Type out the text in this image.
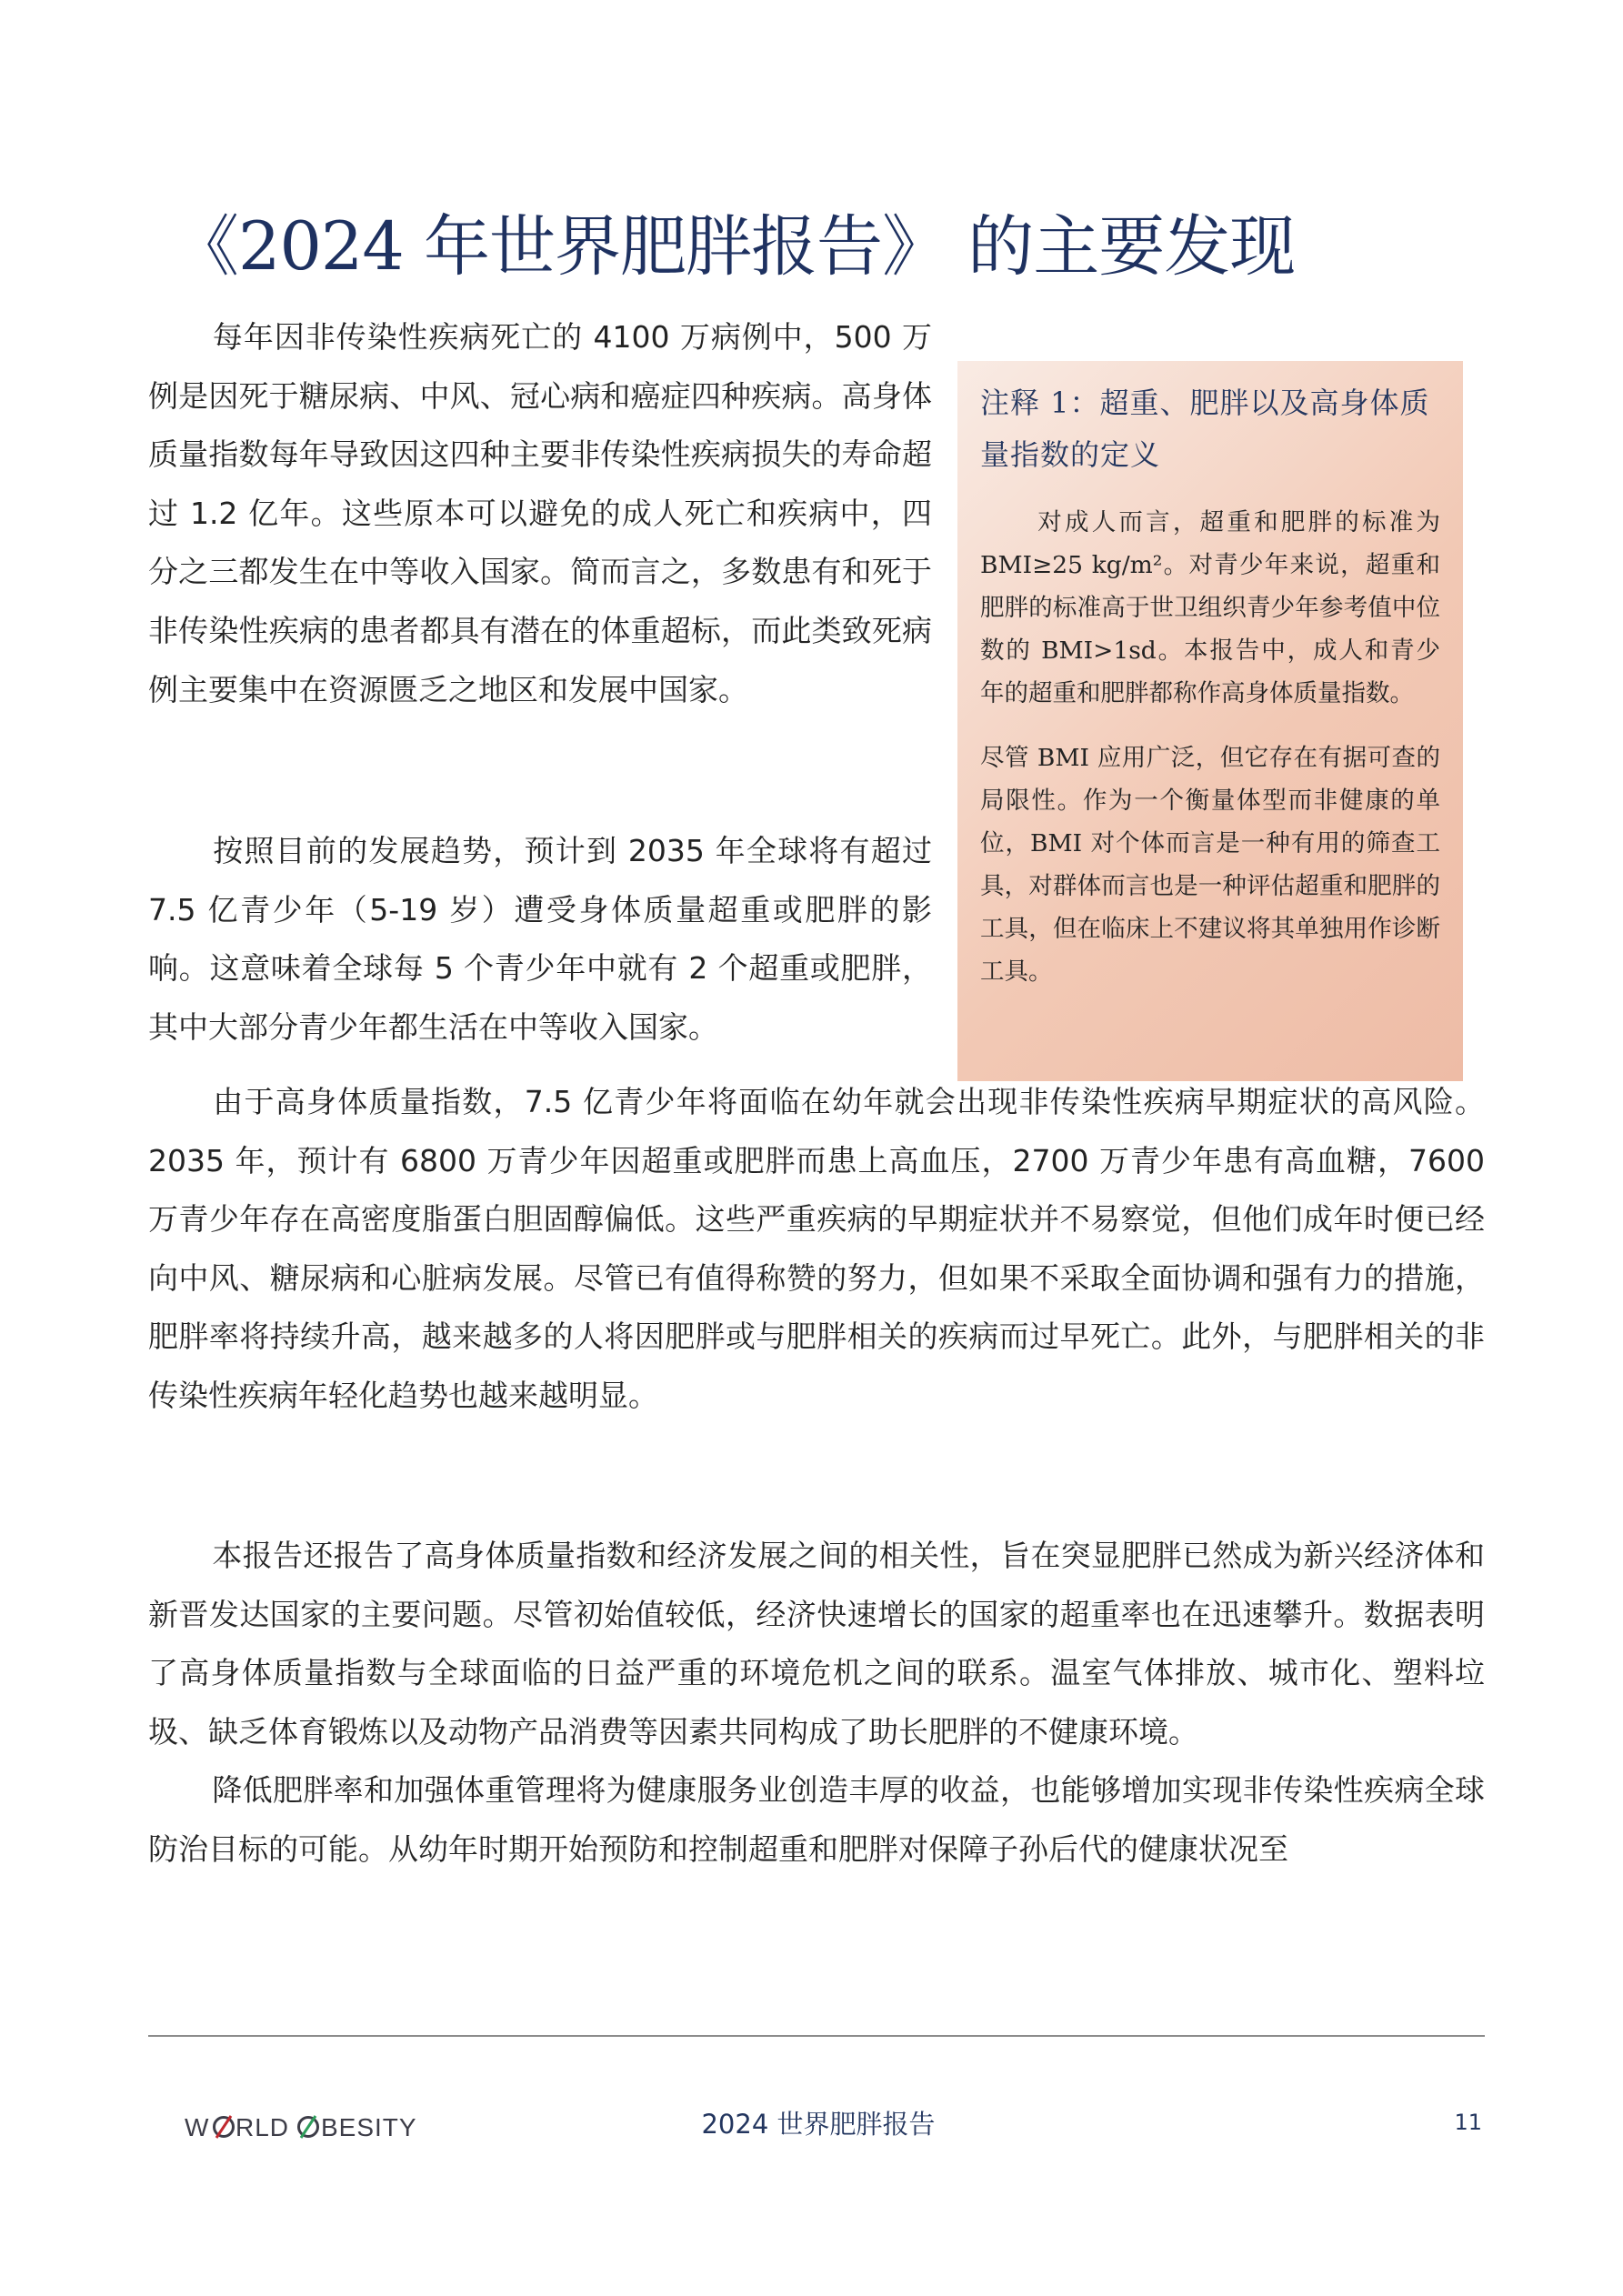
《2024 年世界肥胖报告》 的主要发现

每年因非传染性疾病死亡的 4100 万病例中，500 万例是因死于糖尿病、中风、冠心病和癌症四种疾病。高身体质量指数每年导致因这四种主要非传染性疾病损失的寿命超过 1.2 亿年。这些原本可以避免的成人死亡和疾病中，四分之三都发生在中等收入国家。简而言之，多数患有和死于非传染性疾病的患者都具有潜在的体重超标，而此类致死病例主要集中在资源匮乏之地区和发展中国家。

按照目前的发展趋势，预计到 2035 年全球将有超过 7.5 亿青少年（5-19 岁）遭受身体质量超重或肥胖的影响。这意味着全球每 5 个青少年中就有 2 个超重或肥胖，其中大部分青少年都生活在中等收入国家。

注释 1：超重、肥胖以及高身体质量指数的定义

对成人而言，超重和肥胖的标准为 BMI≥25 kg/m²。对青少年来说，超重和肥胖的标准高于世卫组织青少年参考值中位数的 BMI>1sd。本报告中，成人和青少年的超重和肥胖都称作高身体质量指数。

尽管 BMI 应用广泛，但它存在有据可查的局限性。作为一个衡量体型而非健康的单位，BMI 对个体而言是一种有用的筛查工具，对群体而言也是一种评估超重和肥胖的工具，但在临床上不建议将其单独用作诊断工具。

由于高身体质量指数，7.5 亿青少年将面临在幼年就会出现非传染性疾病早期症状的高风险。2035 年，预计有 6800 万青少年因超重或肥胖而患上高血压，2700 万青少年患有高血糖，7600 万青少年存在高密度脂蛋白胆固醇偏低。这些严重疾病的早期症状并不易察觉，但他们成年时便已经向中风、糖尿病和心脏病发展。尽管已有值得称赞的努力，但如果不采取全面协调和强有力的措施，肥胖率将持续升高，越来越多的人将因肥胖或与肥胖相关的疾病而过早死亡。此外，与肥胖相关的非传染性疾病年轻化趋势也越来越明显。

本报告还报告了高身体质量指数和经济发展之间的相关性，旨在突显肥胖已然成为新兴经济体和新晋发达国家的主要问题。尽管初始值较低，经济快速增长的国家的超重率也在迅速攀升。数据表明了高身体质量指数与全球面临的日益严重的环境危机之间的联系。温室气体排放、城市化、塑料垃圾、缺乏体育锻炼以及动物产品消费等因素共同构成了助长肥胖的不健康环境。

降低肥胖率和加强体重管理将为健康服务业创造丰厚的收益，也能够增加实现非传染性疾病全球防治目标的可能。从幼年时期开始预防和控制超重和肥胖对保障子孙后代的健康状况至

W RLD BESITY	2024 世界肥胖报告	11
